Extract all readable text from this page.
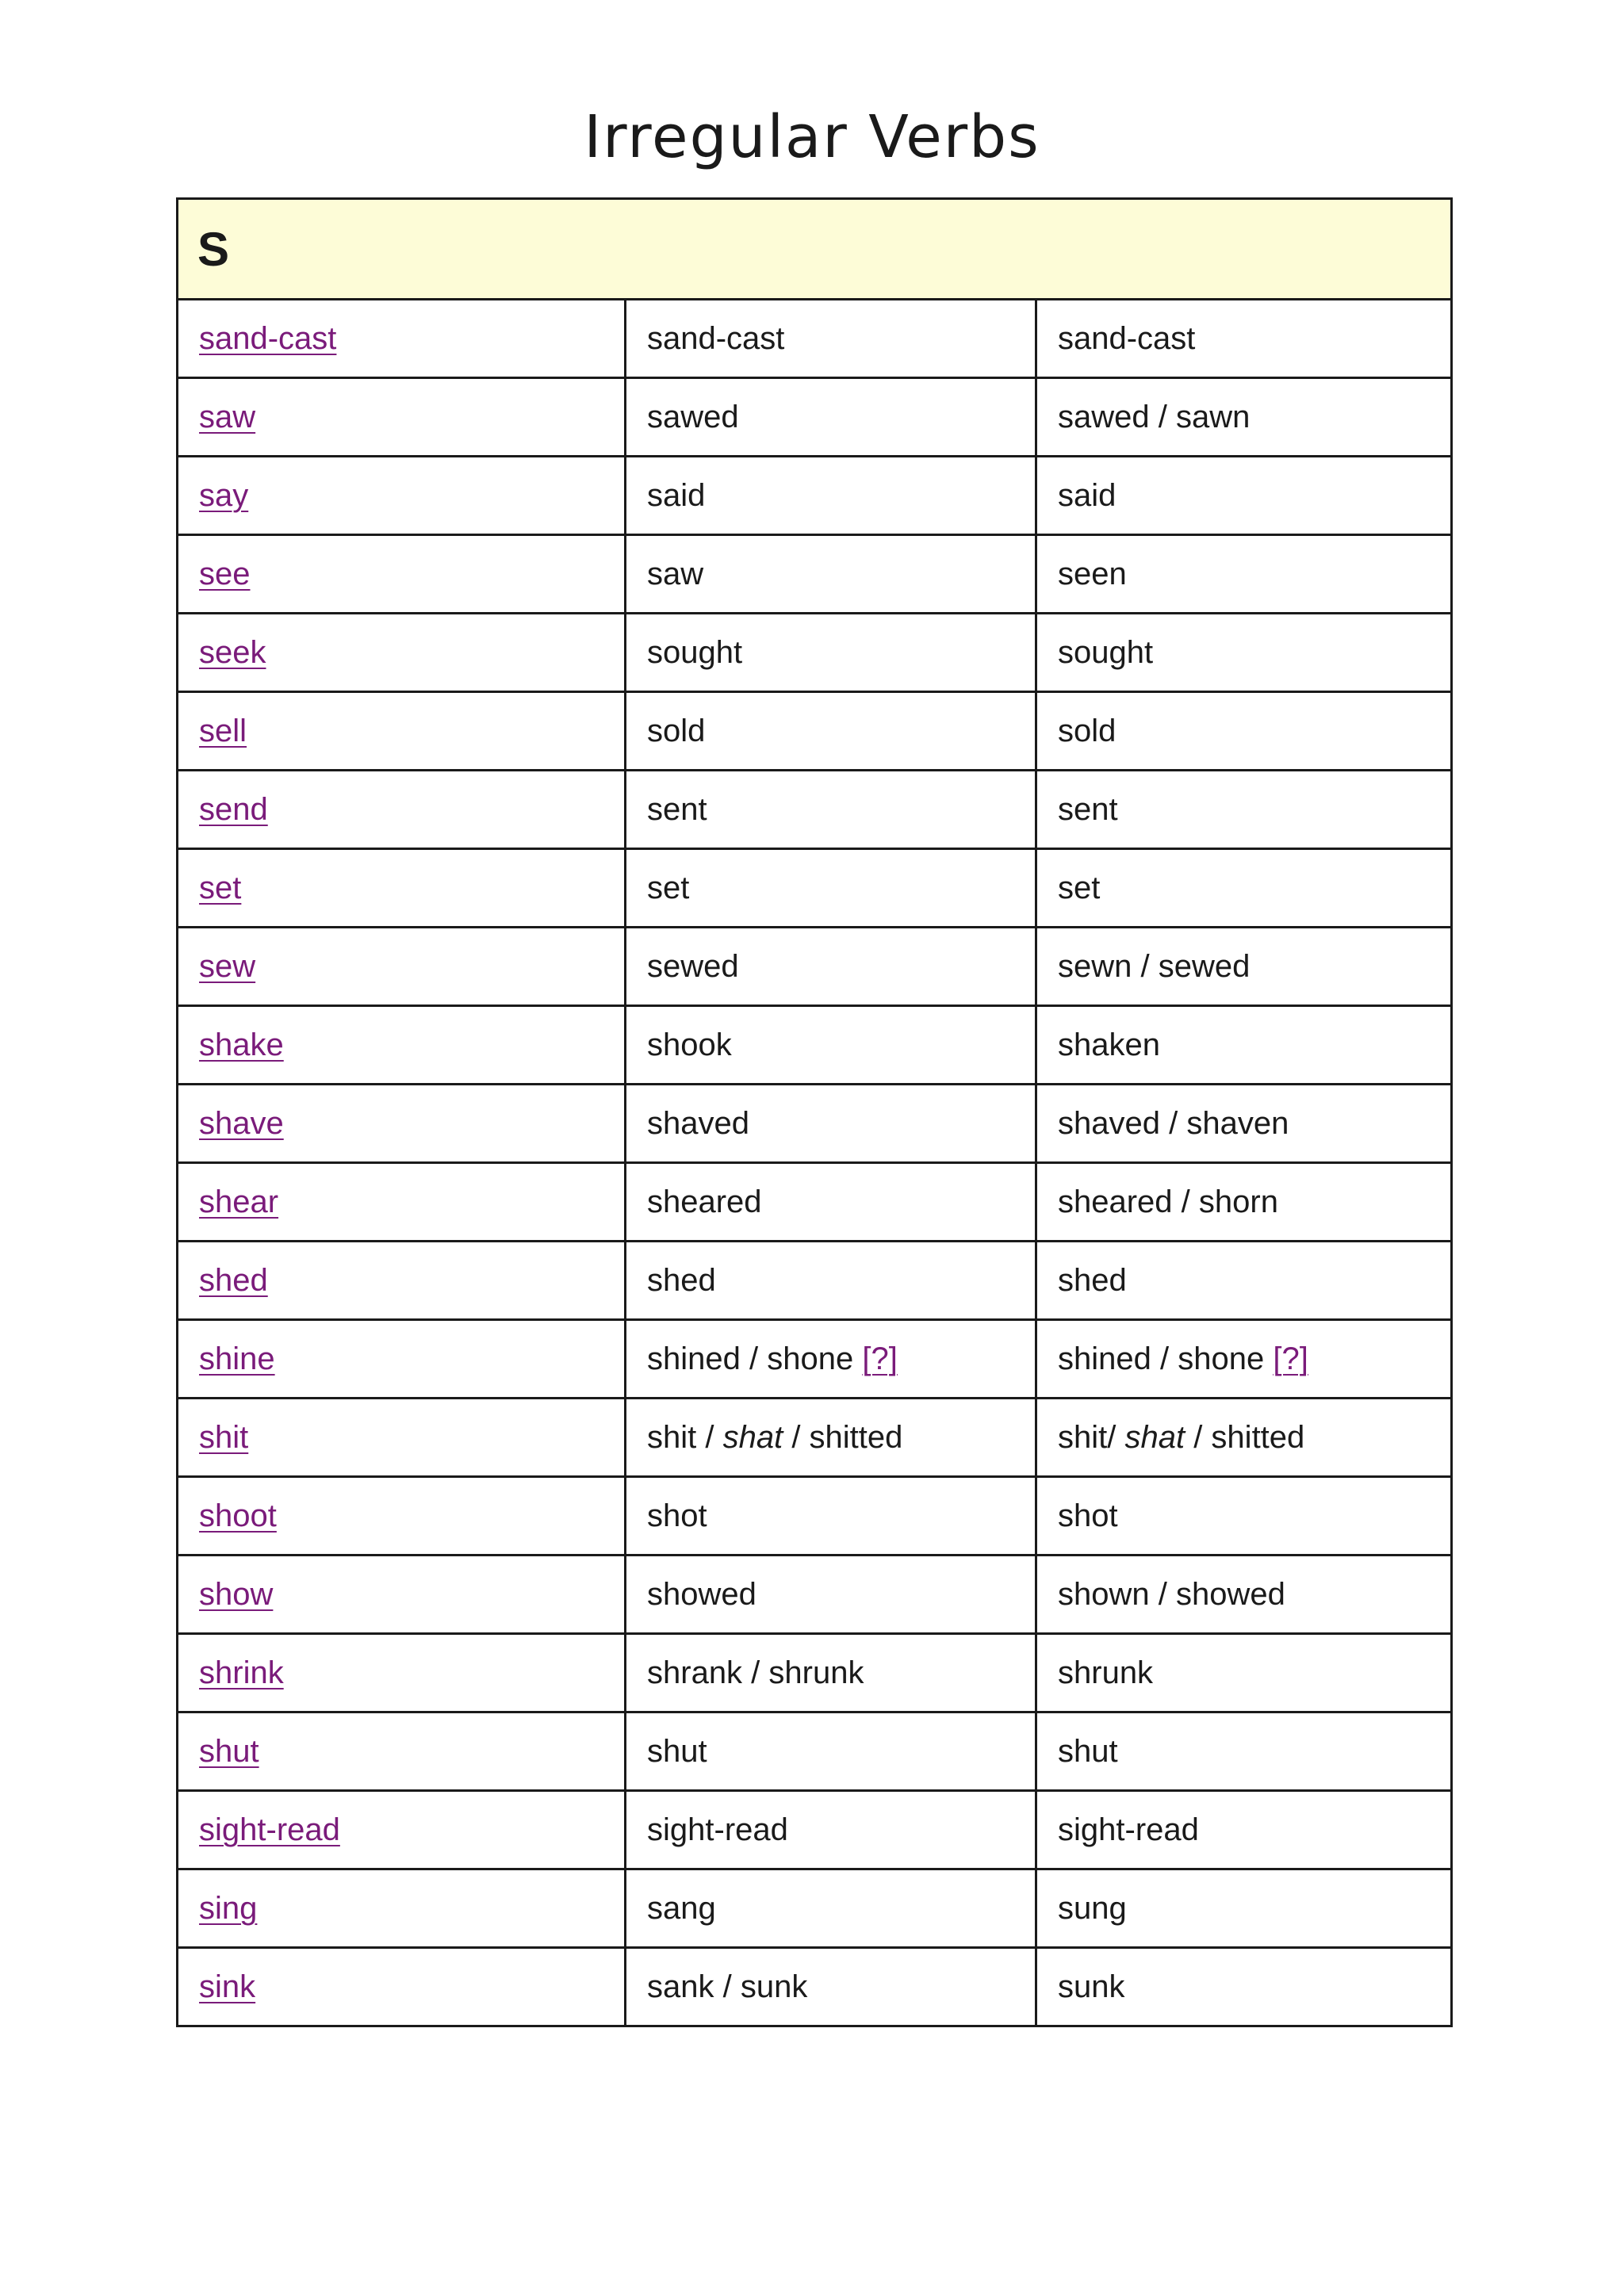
Irregular Verbs
S		
sand-cast	sand-cast	sand-cast
saw	sawed	sawed / sawn
say	said	said
see	saw	seen
seek	sought	sought
sell	sold	sold
send	sent	sent
set	set	set
sew	sewed	sewn / sewed
shake	shook	shaken
shave	shaved	shaved / shaven
shear	sheared	sheared / shorn
shed	shed	shed
shine	shined / shone [?]	shined / shone [?]
shit	shit / shat / shitted	shit/ shat / shitted
shoot	shot	shot
show	showed	shown / showed
shrink	shrank / shrunk	shrunk
shut	shut	shut
sight-read	sight-read	sight-read
sing	sang	sung
sink	sank / sunk	sunk
